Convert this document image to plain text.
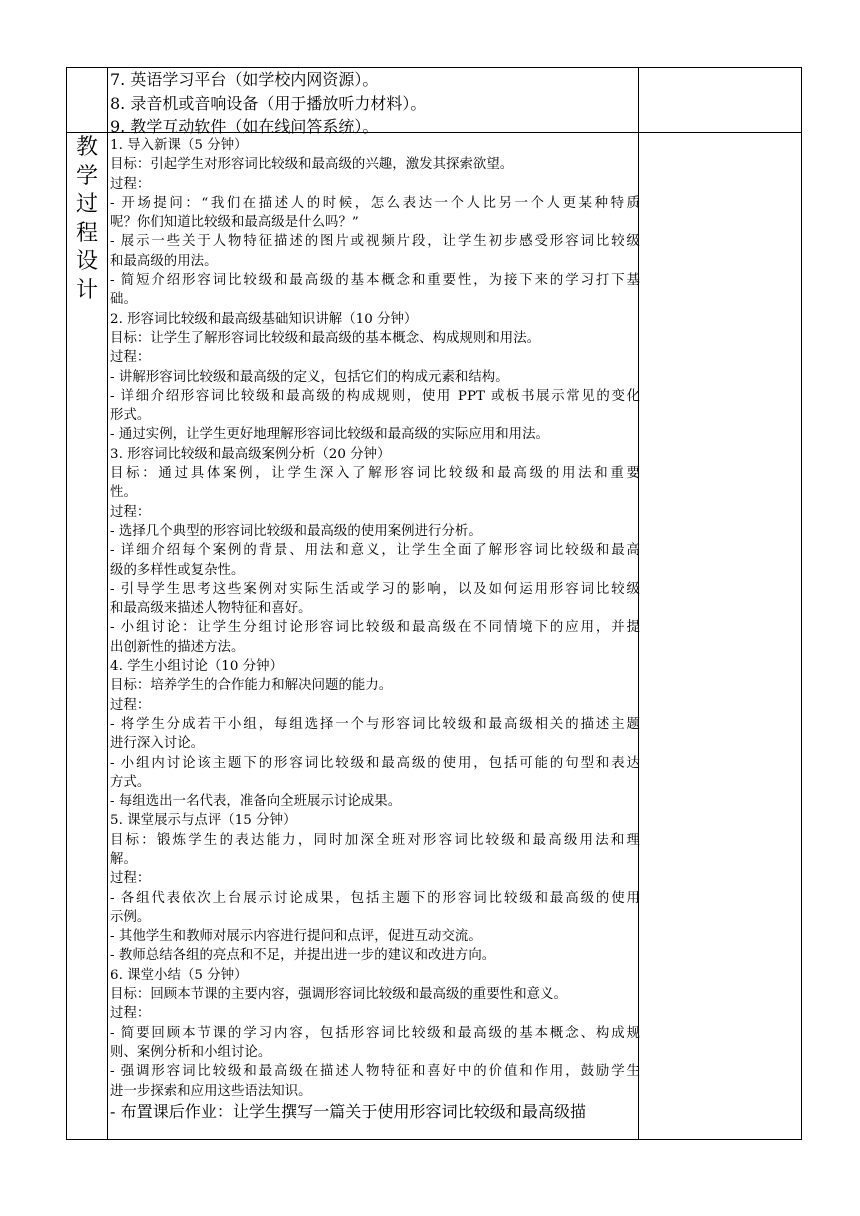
7. 英语学习平台（如学校内网资源）。
8. 录音机或音响设备（用于播放听力材料）。
9. 教学互动软件（如在线问答系统）。
教
学
过
程
设
计
1. 导入新课（5 分钟）
目标：引起学生对形容词比较级和最高级的兴趣，激发其探索欲望。
过程：
- 开场提问：“我们在描述人的时候，怎么表达一个人比另一个人更某种特质
呢？你们知道比较级和最高级是什么吗？”
- 展示一些关于人物特征描述的图片或视频片段，让学生初步感受形容词比较级
和最高级的用法。
- 简短介绍形容词比较级和最高级的基本概念和重要性，为接下来的学习打下基
础。
2. 形容词比较级和最高级基础知识讲解（10 分钟）
目标：让学生了解形容词比较级和最高级的基本概念、构成规则和用法。
过程：
- 讲解形容词比较级和最高级的定义，包括它们的构成元素和结构。
- 详细介绍形容词比较级和最高级的构成规则，使用 PPT 或板书展示常见的变化
形式。
- 通过实例，让学生更好地理解形容词比较级和最高级的实际应用和用法。
3. 形容词比较级和最高级案例分析（20 分钟）
目标：通过具体案例，让学生深入了解形容词比较级和最高级的用法和重要
性。
过程：
- 选择几个典型的形容词比较级和最高级的使用案例进行分析。
- 详细介绍每个案例的背景、用法和意义，让学生全面了解形容词比较级和最高
级的多样性或复杂性。
- 引导学生思考这些案例对实际生活或学习的影响，以及如何运用形容词比较级
和最高级来描述人物特征和喜好。
- 小组讨论：让学生分组讨论形容词比较级和最高级在不同情境下的应用，并提
出创新性的描述方法。
4. 学生小组讨论（10 分钟）
目标：培养学生的合作能力和解决问题的能力。
过程：
- 将学生分成若干小组，每组选择一个与形容词比较级和最高级相关的描述主题
进行深入讨论。
- 小组内讨论该主题下的形容词比较级和最高级的使用，包括可能的句型和表达
方式。
- 每组选出一名代表，准备向全班展示讨论成果。
5. 课堂展示与点评（15 分钟）
目标：锻炼学生的表达能力，同时加深全班对形容词比较级和最高级用法和理
解。
过程：
- 各组代表依次上台展示讨论成果，包括主题下的形容词比较级和最高级的使用
示例。
- 其他学生和教师对展示内容进行提问和点评，促进互动交流。
- 教师总结各组的亮点和不足，并提出进一步的建议和改进方向。
6. 课堂小结（5 分钟）
目标：回顾本节课的主要内容，强调形容词比较级和最高级的重要性和意义。
过程：
- 简要回顾本节课的学习内容，包括形容词比较级和最高级的基本概念、构成规
则、案例分析和小组讨论。
- 强调形容词比较级和最高级在描述人物特征和喜好中的价值和作用，鼓励学生
进一步探索和应用这些语法知识。
- 布置课后作业：让学生撰写一篇关于使用形容词比较级和最高级描
